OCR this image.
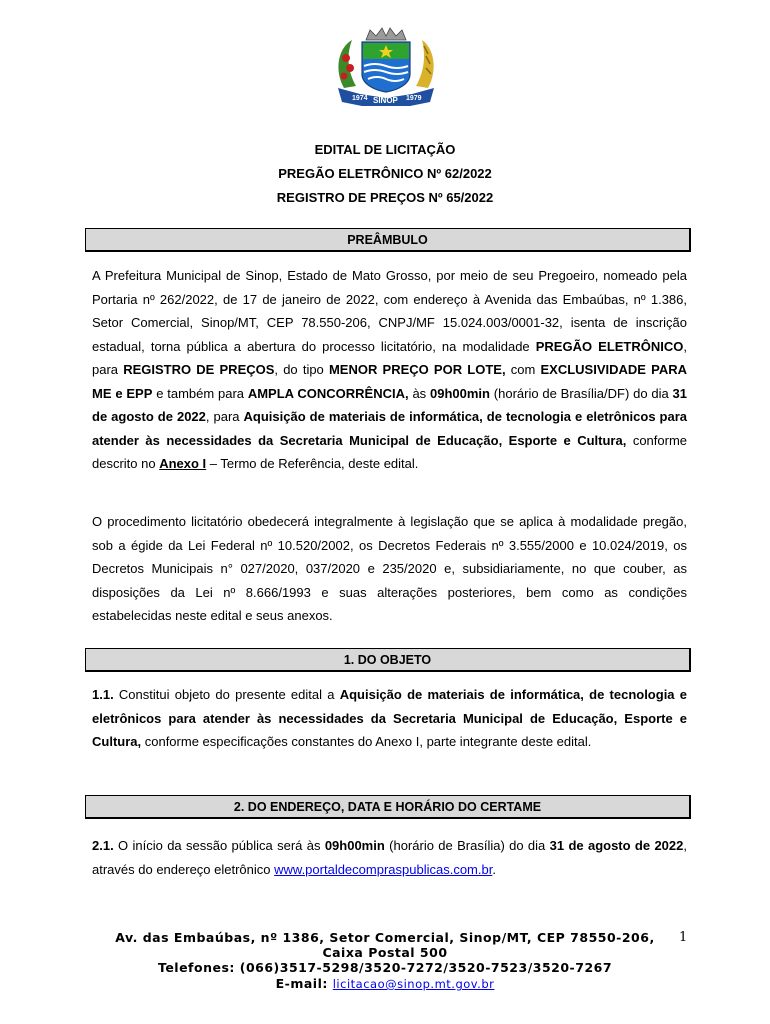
1974 SINOP 1979
EDITAL DE LICITAÇÃO
PREGÃO ELETRÔNICO Nº 62/2022
REGISTRO DE PREÇOS Nº 65/2022
PREÂMBULO
A Prefeitura Municipal de Sinop, Estado de Mato Grosso, por meio de seu Pregoeiro, nomeado pela Portaria nº 262/2022, de 17 de janeiro de 2022, com endereço à Avenida das Embaúbas, nº 1.386, Setor Comercial, Sinop/MT, CEP 78.550-206, CNPJ/MF 15.024.003/0001-32, isenta de inscrição estadual, torna pública a abertura do processo licitatório, na modalidade PREGÃO ELETRÔNICO, para REGISTRO DE PREÇOS, do tipo MENOR PREÇO POR LOTE, com EXCLUSIVIDADE PARA ME e EPP e também para AMPLA CONCORRÊNCIA, às 09h00min (horário de Brasília/DF) do dia 31 de agosto de 2022, para Aquisição de materiais de informática, de tecnologia e eletrônicos para atender às necessidades da Secretaria Municipal de Educação, Esporte e Cultura, conforme descrito no Anexo I – Termo de Referência, deste edital.
O procedimento licitatório obedecerá integralmente à legislação que se aplica à modalidade pregão, sob a égide da Lei Federal nº 10.520/2002, os Decretos Federais nº 3.555/2000 e 10.024/2019, os Decretos Municipais n° 027/2020, 037/2020 e 235/2020 e, subsidiariamente, no que couber, as disposições da Lei nº 8.666/1993 e suas alterações posteriores, bem como as condições estabelecidas neste edital e seus anexos.
1. DO OBJETO
1.1. Constitui objeto do presente edital a Aquisição de materiais de informática, de tecnologia e eletrônicos para atender às necessidades da Secretaria Municipal de Educação, Esporte e Cultura, conforme especificações constantes do Anexo I, parte integrante deste edital.
2. DO ENDEREÇO, DATA E HORÁRIO DO CERTAME
2.1. O início da sessão pública será às 09h00min (horário de Brasília) do dia 31 de agosto de 2022, através do endereço eletrônico www.portaldecompraspublicas.com.br.
Av. das Embaúbas, nº 1386, Setor Comercial, Sinop/MT, CEP 78550-206,	1
Caixa Postal 500
Telefones: (066)3517-5298/3520-7272/3520-7523/3520-7267
E-mail: licitacao@sinop.mt.gov.br
